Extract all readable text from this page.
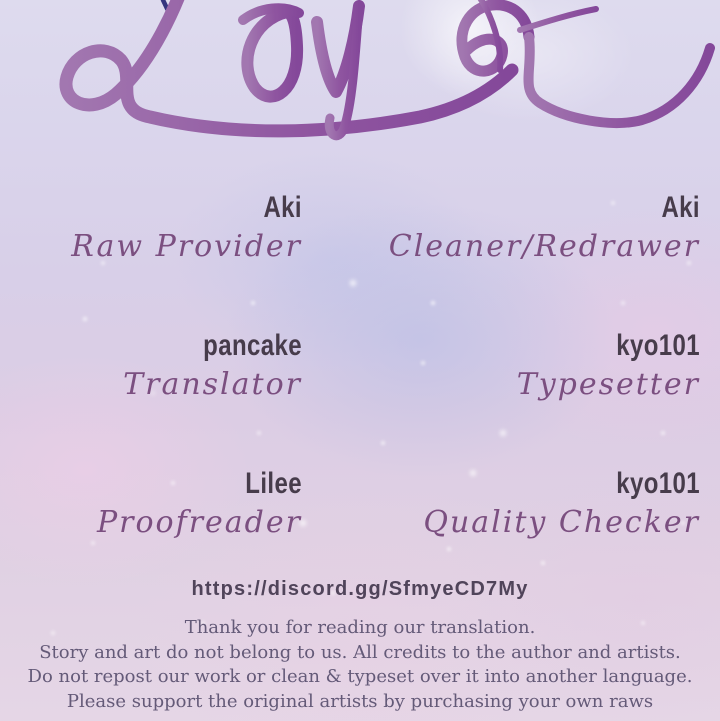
Aki
Raw Provider
Aki
Cleaner/Redrawer
pancake
Translator
kyo101
Typesetter
Lilee
Proofreader
kyo101
Quality Checker
https://discord.gg/SfmyeCD7My
Thank you for reading our translation.
Story and art do not belong to us. All credits to the author and artists.
Do not repost our work or clean & typeset over it into another language.
Please support the original artists by purchasing your own raws
